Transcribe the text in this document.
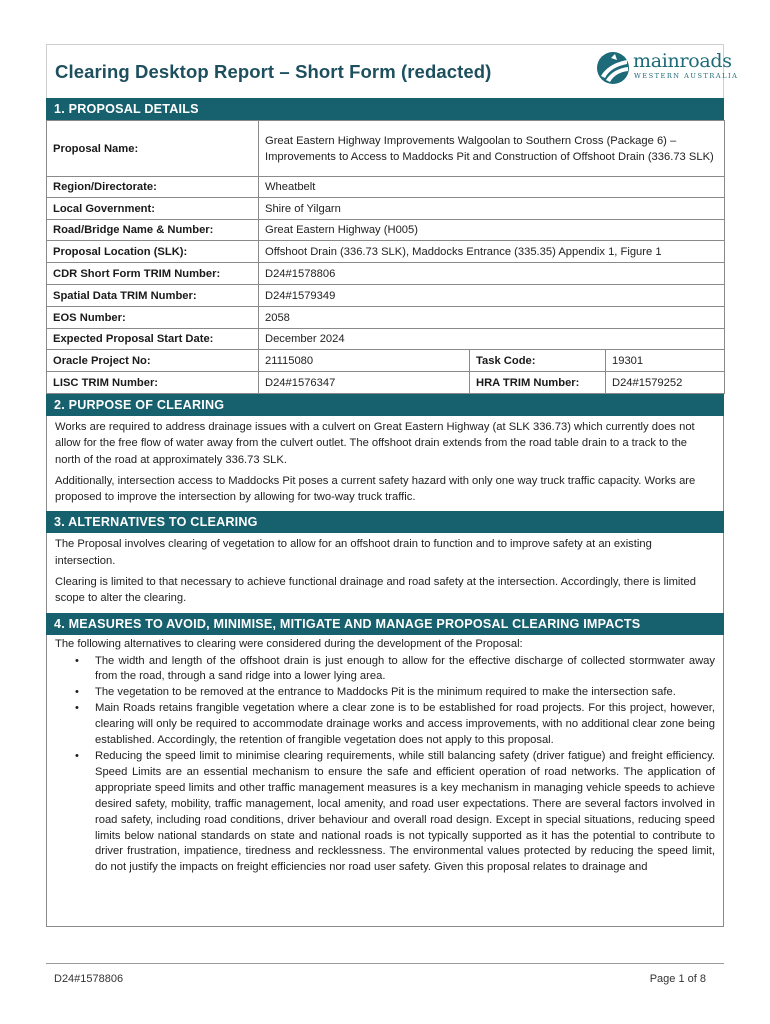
Clearing Desktop Report – Short Form (redacted)	mainroads
WESTERN AUSTRALIA
1. PROPOSAL DETAILS
Proposal Name:	Great Eastern Highway Improvements Walgoolan to Southern Cross (Package 6) – Improvements to Access to Maddocks Pit and Construction of Offshoot Drain (336.73 SLK)		
Region/Directorate:	Wheatbelt		
Local Government:	Shire of Yilgarn		
Road/Bridge Name & Number:	Great Eastern Highway (H005)		
Proposal Location (SLK):	Offshoot Drain (336.73 SLK), Maddocks Entrance (335.35) Appendix 1, Figure 1		
CDR Short Form TRIM Number:	D24#1578806		
Spatial Data TRIM Number:	D24#1579349		
EOS Number:	2058		
Expected Proposal Start Date:	December 2024		
Oracle Project No:	21115080	Task Code:	19301
LISC TRIM Number:	D24#1576347	HRA TRIM Number:	D24#1579252
2. PURPOSE OF CLEARING

Works are required to address drainage issues with a culvert on Great Eastern Highway (at SLK 336.73) which currently does not allow for the free flow of water away from the culvert outlet. The offshoot drain extends from the road table drain to a track to the north of the road at approximately 336.73 SLK.

Additionally, intersection access to Maddocks Pit poses a current safety hazard with only one way truck traffic capacity. Works are proposed to improve the intersection by allowing for two-way truck traffic.

3. ALTERNATIVES TO CLEARING

The Proposal involves clearing of vegetation to allow for an offshoot drain to function and to improve safety at an existing intersection.

Clearing is limited to that necessary to achieve functional drainage and road safety at the intersection. Accordingly, there is limited scope to alter the clearing.

4. MEASURES TO AVOID, MINIMISE, MITIGATE AND MANAGE PROPOSAL CLEARING IMPACTS
The following alternatives to clearing were considered during the development of the Proposal:
• The width and length of the offshoot drain is just enough to allow for the effective discharge of collected stormwater away from the road, through a sand ridge into a lower lying area.
• The vegetation to be removed at the entrance to Maddocks Pit is the minimum required to make the intersection safe.
• Main Roads retains frangible vegetation where a clear zone is to be established for road projects. For this project, however, clearing will only be required to accommodate drainage works and access improvements, with no additional clear zone being established. Accordingly, the retention of frangible vegetation does not apply to this proposal.
• Reducing the speed limit to minimise clearing requirements, while still balancing safety (driver fatigue) and freight efficiency. Speed Limits are an essential mechanism to ensure the safe and efficient operation of road networks. The application of appropriate speed limits and other traffic management measures is a key mechanism in managing vehicle speeds to achieve desired safety, mobility, traffic management, local amenity, and road user expectations. There are several factors involved in road safety, including road conditions, driver behaviour and overall road design. Except in special situations, reducing speed limits below national standards on state and national roads is not typically supported as it has the potential to contribute to driver frustration, impatience, tiredness and recklessness. The environmental values protected by reducing the speed limit, do not justify the impacts on freight efficiencies nor road user safety. Given this proposal relates to drainage and
D24#1578806	Page 1 of 8
